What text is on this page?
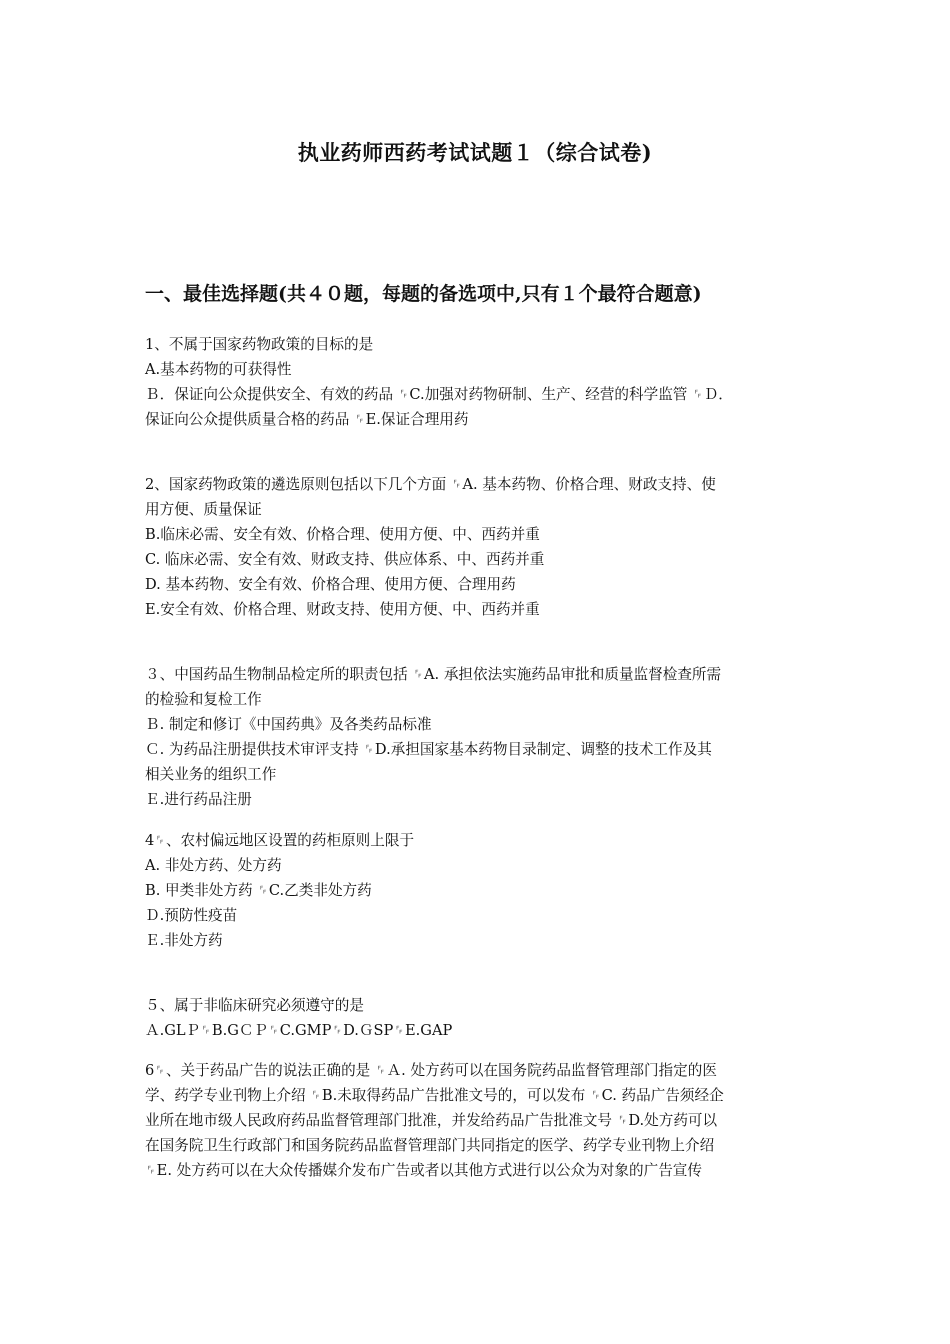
执业药师西药考试试题１（综合试卷)
一、最佳选择题(共４０题，每题的备选项中,只有１个最符合题意)
1、不属于国家药物政策的目标的是
A.基本药物的可获得性
Ｂ．保证向公众提供安全、有效的药品 ␌C.加强对药物研制、生产、经营的科学监管 ␌Ｄ．
保证向公众提供质量合格的药品 ␌E.保证合理用药
2、国家药物政策的遴选原则包括以下几个方面 ␌A. 基本药物、价格合理、财政支持、使
用方便、质量保证
B.临床必需、安全有效、价格合理、使用方便、中、西药并重
C. 临床必需、安全有效、财政支持、供应体系、中、西药并重
D. 基本药物、安全有效、价格合理、使用方便、合理用药
E.安全有效、价格合理、财政支持、使用方便、中、西药并重
３、中国药品生物制品检定所的职责包括 ␌A. 承担依法实施药品审批和质量监督检查所需
的检验和复检工作
Ｂ. 制定和修订《中国药典》及各类药品标准
Ｃ. 为药品注册提供技术审评支持 ␌D.承担国家基本药物目录制定、调整的技术工作及其
相关业务的组织工作
Ｅ.进行药品注册
4␌、农村偏远地区设置的药柜原则上限于
A. 非处方药、处方药
B. 甲类非处方药 ␌C.乙类非处方药
Ｄ.预防性疫苗
Ｅ.非处方药
５、属于非临床研究必须遵守的是
Ａ.GLＰ␌B.GＣＰ␌C.GMP␌D.ＧSP␌E.GAP
6␌、关于药品广告的说法正确的是 ␌Ａ. 处方药可以在国务院药品监督管理部门指定的医
学、药学专业刊物上介绍 ␌B.未取得药品广告批准文号的，可以发布 ␌C. 药品广告须经企
业所在地市级人民政府药品监督管理部门批准，并发给药品广告批准文号 ␌D.处方药可以
在国务院卫生行政部门和国务院药品监督管理部门共同指定的医学、药学专业刊物上介绍
␌E. 处方药可以在大众传播媒介发布广告或者以其他方式进行以公众为对象的广告宣传
